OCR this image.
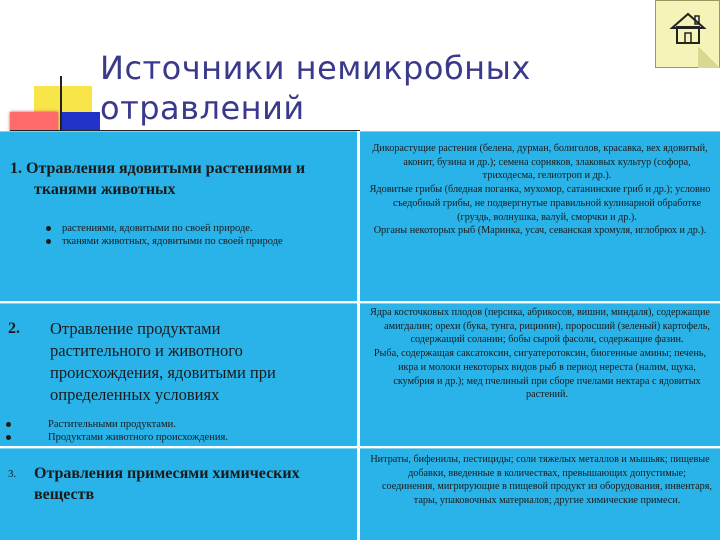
Источники немикробных
отравлений
1. Отравления ядовитыми растениями и
тканями животных
растениями, ядовитыми по своей природе.
тканями животных, ядовитыми по своей природе

Дикорастущие растения (белена, дурман, болиголов, красавка, вех ядовитый, аконит, бузина и др.); семена сорняков, злаковых культур (софора, триходесма, гелиотроп и др.).

Ядовитые грибы (бледная поганка, мухомор, сатанинские гриб и др.); условно съедобный грибы, не подвергнутые правильной кулинарной обработке (груздь, волнушка, валуй, сморчки и др.).

Органы некоторых рыб (Маринка, усач, севанская хромуля, иглобрюх и др.).

2. Отравление продуктами
растительного и животного
происхождения, ядовитыми при
определенных условиях
Растительными продуктами.
Продуктами животного происхождения.

Ядра косточковых плодов (персика, абрикосов, вишни, миндаля), содержащие амигдалин; орехи (бука, тунга, рицинин), проросший (зеленый) картофель, содержащий соланин; бобы сырой фасоли, содержащие фазин.

Рыба, содержащая саксатоксин, сигуатеротоксин, биогенные амины; печень, икра и молоки некоторых видов рыб в период нереста (налим, щука, скумбрия и др.); мед пчелиный при сборе пчелами нектара с ядовитых растений.

3. Отравления примесями химических
веществ

Нитраты, бифенилы, пестициды; соли тяжелых металлов и мышьяк; пищевые добавки, введенные в количествах, превышающих допустимые; соединения, мигрирующие в пищевой продукт из оборудования, инвентаря, тары, упаковочных материалов; другие химические примеси.
